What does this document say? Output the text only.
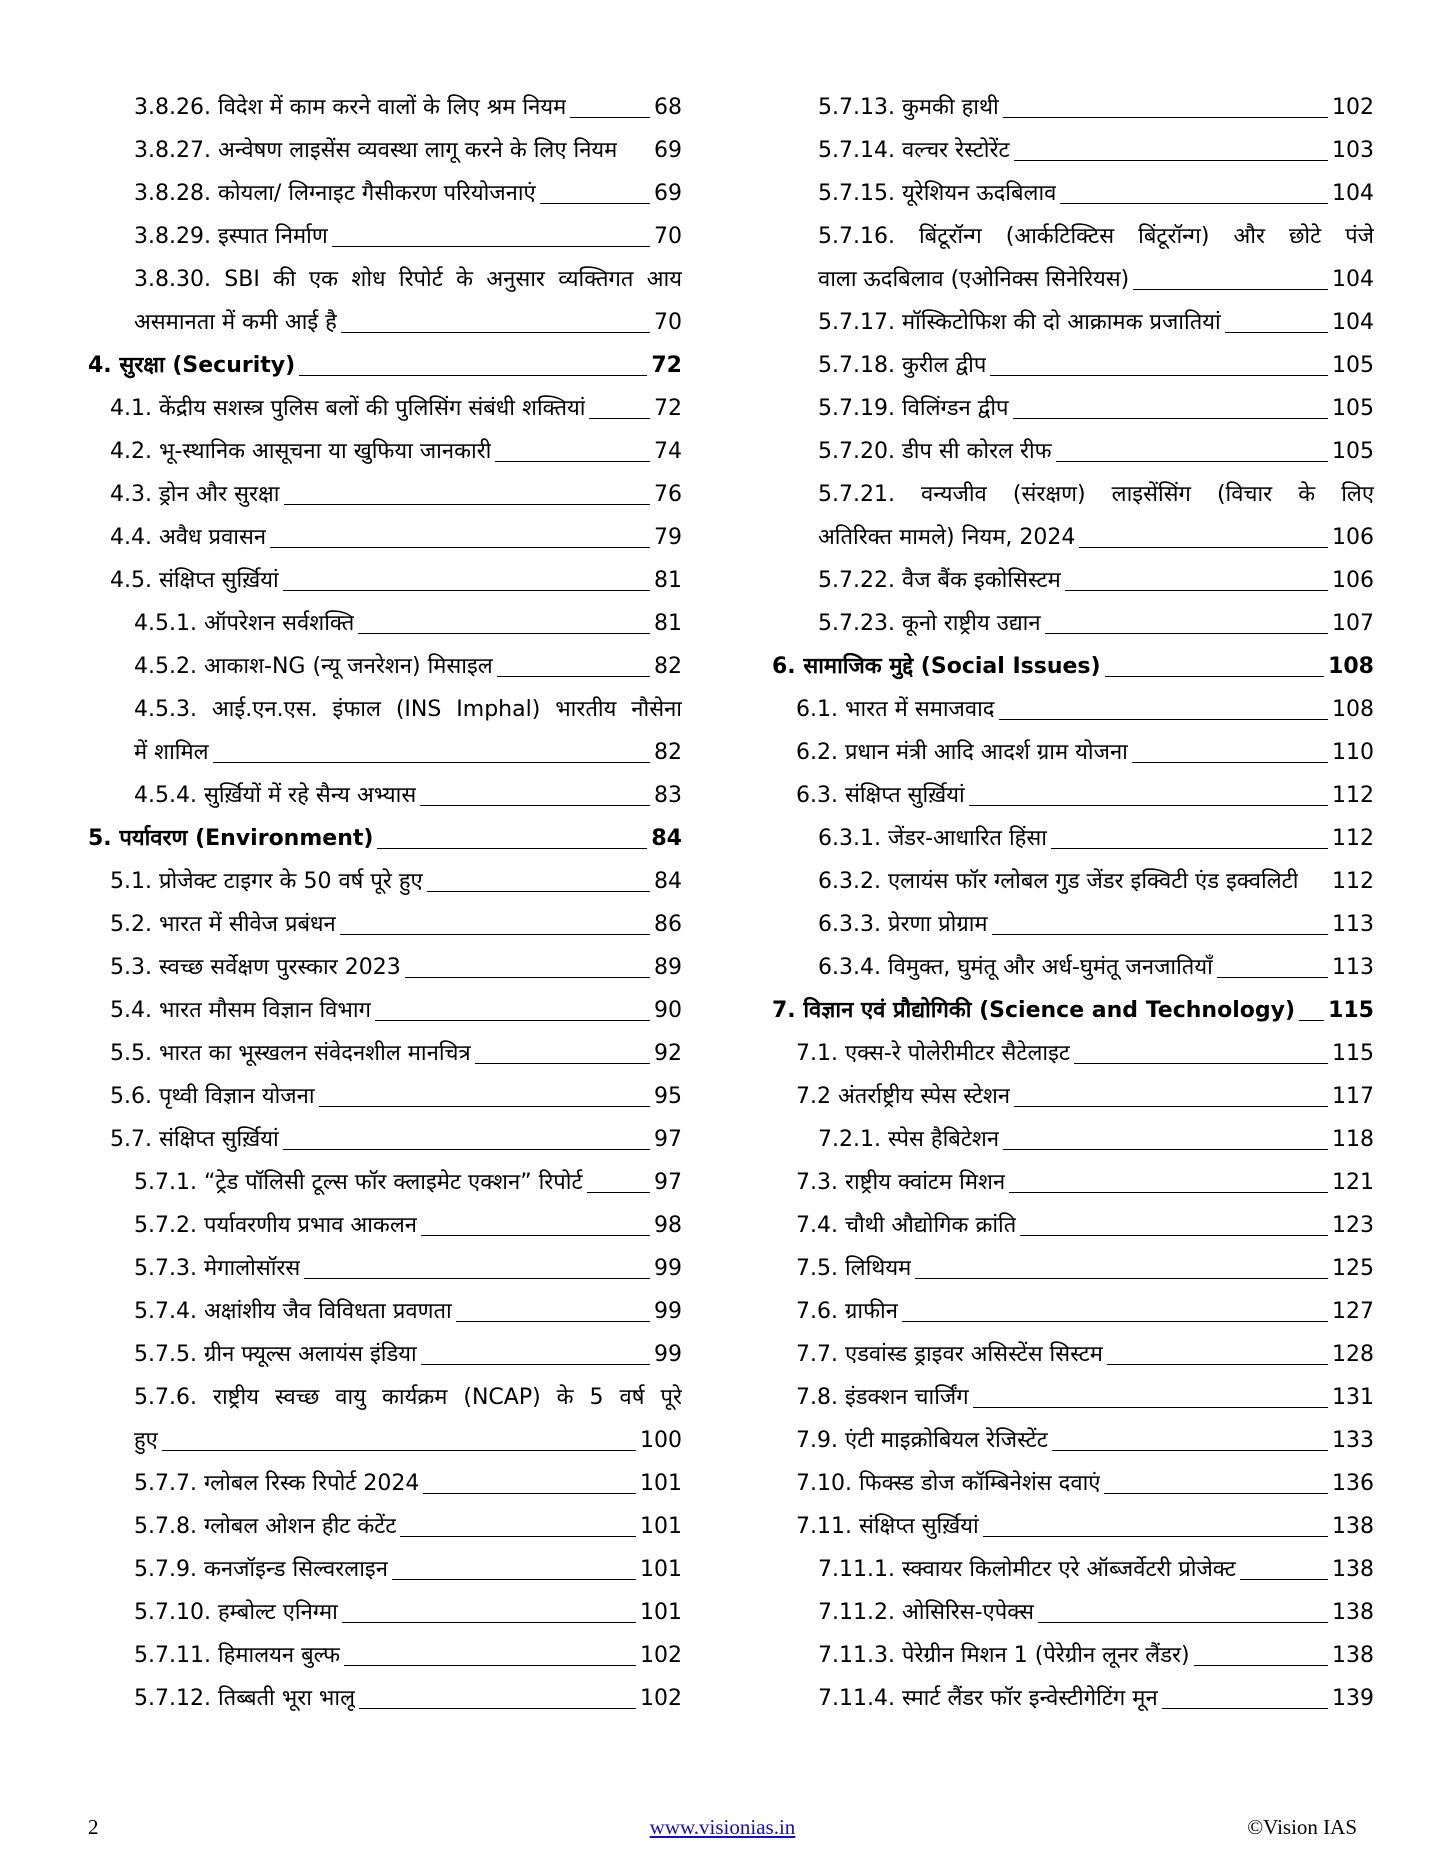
3.8.26. विदेश में काम करने वालों के लिए श्रम नियम	68
3.8.27. अन्वेषण लाइसेंस व्यवस्था लागू करने के लिए नियम 69
3.8.28. कोयला/ लिग्नाइट गैसीकरण परियोजनाएं	69
3.8.29. इस्पात निर्माण	70
3.8.30. SBI की एक शोध रिपोर्ट के अनुसार व्यक्तिगत आय
असमानता में कमी आई है	70
4. सुरक्षा (Security)	72
4.1. केंद्रीय सशस्त्र पुलिस बलों की पुलिसिंग संबंधी शक्तियां	72
4.2. भू-स्थानिक आसूचना या खुफिया जानकारी	74
4.3. ड्रोन और सुरक्षा	76
4.4. अवैध प्रवासन	79
4.5. संक्षिप्त सुर्ख़ियां	81
4.5.1. ऑपरेशन सर्वशक्ति	81
4.5.2. आकाश-NG (न्यू जनरेशन) मिसाइल	82
4.5.3. आई.एन.एस. इंफाल (INS Imphal) भारतीय नौसेना
में शामिल	82
4.5.4. सुर्ख़ियों में रहे सैन्य अभ्यास	83
5. पर्यावरण (Environment)	84
5.1. प्रोजेक्ट टाइगर के 50 वर्ष पूरे हुए	84
5.2. भारत में सीवेज प्रबंधन	86
5.3. स्वच्छ सर्वेक्षण पुरस्कार 2023	89
5.4. भारत मौसम विज्ञान विभाग	90
5.5. भारत का भूस्खलन संवेदनशील मानचित्र	92
5.6. पृथ्वी विज्ञान योजना	95
5.7. संक्षिप्त सुर्ख़ियां	97
5.7.1. “ट्रेड पॉलिसी टूल्स फॉर क्लाइमेट एक्शन” रिपोर्ट	97
5.7.2. पर्यावरणीय प्रभाव आकलन	98
5.7.3. मेगालोसॉरस	99
5.7.4. अक्षांशीय जैव विविधता प्रवणता	99
5.7.5. ग्रीन फ्यूल्स अलायंस इंडिया	99
5.7.6. राष्ट्रीय स्वच्छ वायु कार्यक्रम (NCAP) के 5 वर्ष पूरे
हुए	100
5.7.7. ग्लोबल रिस्क रिपोर्ट 2024	101
5.7.8. ग्लोबल ओशन हीट कंटेंट	101
5.7.9. कनजॉइन्ड सिल्वरलाइन	101
5.7.10. हम्बोल्ट एनिग्मा	101
5.7.11. हिमालयन बुल्फ	102
5.7.12. तिब्बती भूरा भालू	102
5.7.13. कुमकी हाथी	102
5.7.14. वल्चर रेस्टोरेंट	103
5.7.15. यूरेशियन ऊदबिलाव	104
5.7.16. बिंटूरॉन्ग (आर्कटिक्टिस बिंटूरॉन्ग) और छोटे पंजे
वाला ऊदबिलाव (एओनिक्स सिनेरियस)	104
5.7.17. मॉस्किटोफिश की दो आक्रामक प्रजातियां	104
5.7.18. कुरील द्वीप	105
5.7.19. विलिंग्डन द्वीप	105
5.7.20. डीप सी कोरल रीफ	105
5.7.21. वन्यजीव (संरक्षण) लाइसेंसिंग (विचार के लिए
अतिरिक्त मामले) नियम, 2024	106
5.7.22. वैज बैंक इकोसिस्टम	106
5.7.23. कूनो राष्ट्रीय उद्यान	107
6. सामाजिक मुद्दे (Social Issues)	108
6.1. भारत में समाजवाद	108
6.2. प्रधान मंत्री आदि आदर्श ग्राम योजना	110
6.3. संक्षिप्त सुर्ख़ियां	112
6.3.1. जेंडर-आधारित हिंसा	112
6.3.2. एलायंस फॉर ग्लोबल गुड जेंडर इक्विटी एंड इक्वलिटी 112
6.3.3. प्रेरणा प्रोग्राम	113
6.3.4. विमुक्त, घुमंतू और अर्ध-घुमंतू जनजातियाँ	113
7. विज्ञान एवं प्रौद्योगिकी (Science and Technology) 115
7.1. एक्स-रे पोलेरीमीटर सैटेलाइट	115
7.2 अंतर्राष्ट्रीय स्पेस स्टेशन	117
7.2.1. स्पेस हैबिटेशन	118
7.3. राष्ट्रीय क्वांटम मिशन	121
7.4. चौथी औद्योगिक क्रांति	123
7.5. लिथियम	125
7.6. ग्राफीन	127
7.7. एडवांस्ड ड्राइवर असिस्टेंस सिस्टम	128
7.8. इंडक्शन चार्जिंग	131
7.9. एंटी माइक्रोबियल रेजिस्टेंट	133
7.10. फिक्स्ड डोज कॉम्बिनेशंस दवाएं	136
7.11. संक्षिप्त सुर्ख़ियां	138
7.11.1. स्क्वायर किलोमीटर एरे ऑब्जर्वेटरी प्रोजेक्ट	138
7.11.2. ओसिरिस-एपेक्स	138
7.11.3. पेरेग्रीन मिशन 1 (पेरेग्रीन लूनर लैंडर)	138
7.11.4. स्मार्ट लैंडर फॉर इन्वेस्टीगेटिंग मून	139
2	www.visionias.in	©Vision IAS
